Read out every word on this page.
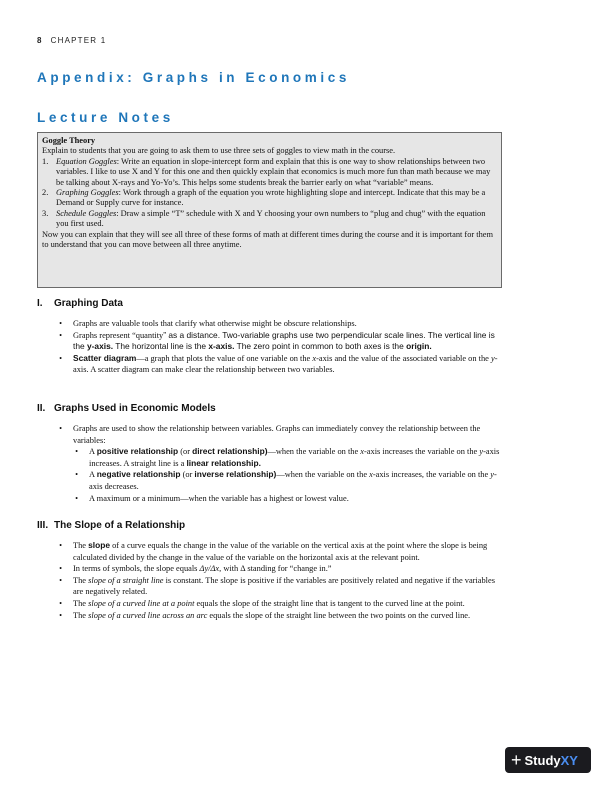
8 CHAPTER 1
Appendix: Graphs in Economics
Lecture Notes
Goggle Theory
Explain to students that you are going to ask them to use three sets of goggles to view math in the course.
1. Equation Goggles: Write an equation in slope-intercept form and explain that this is one way to show relationships between two variables. I like to use X and Y for this one and then quickly explain that economics is much more fun than math because we may be talking about X-rays and Yo-Yo’s. This helps some students break the barrier early on what “variable” means.
2. Graphing Goggles: Work through a graph of the equation you wrote highlighting slope and intercept. Indicate that this may be a Demand or Supply curve for instance.
3. Schedule Goggles: Draw a simple “T” schedule with X and Y choosing your own numbers to “plug and chug” with the equation you first used.
Now you can explain that they will see all three of these forms of math at different times during the course and it is important for them to understand that you can move between all three anytime.
I.	Graphing Data
•	Graphs are valuable tools that clarify what otherwise might be obscure relationships.
•	Graphs represent “quantity” as a distance. Two-variable graphs use two perpendicular scale lines. The vertical line is the y-axis. The horizontal line is the x-axis. The zero point in common to both axes is the origin.
•	Scatter diagram—a graph that plots the value of one variable on the x-axis and the value of the associated variable on the y-axis. A scatter diagram can make clear the relationship between two variables.
II. Graphs Used in Economic Models
•	Graphs are used to show the relationship between variables. Graphs can immediately convey the relationship between the variables:
•	A positive relationship (or direct relationship)—when the variable on the x-axis increases the variable on the y-axis increases. A straight line is a linear relationship.
•	A negative relationship (or inverse relationship)—when the variable on the x-axis increases, the variable on the y-axis decreases.
•	A maximum or a minimum—when the variable has a highest or lowest value.
III. The Slope of a Relationship
•	The slope of a curve equals the change in the value of the variable on the vertical axis at the point where the slope is being calculated divided by the change in the value of the variable on the horizontal axis at the relevant point.
•	In terms of symbols, the slope equals Δy/Δx, with Δ standing for “change in.”
•	The slope of a straight line is constant. The slope is positive if the variables are positively related and negative if the variables are negatively related.
•	The slope of a curved line at a point equals the slope of the straight line that is tangent to the curved line at the point.
•	The slope of a curved line across an arc equals the slope of the straight line between the two points on the curved line.
+ Study XY
